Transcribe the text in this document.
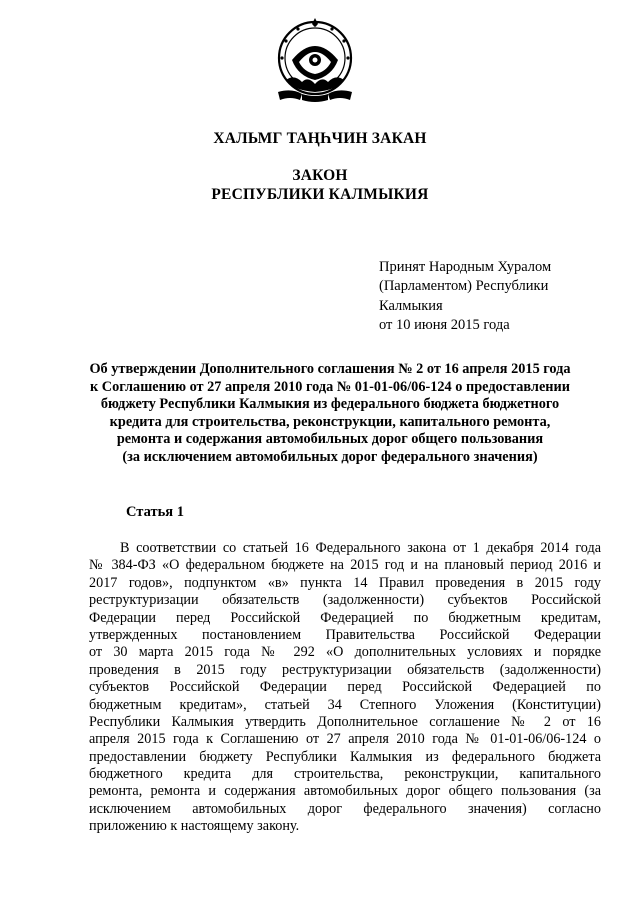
ХАЛЬМГ ТАҢҺЧИН ЗАКАН
ЗАКОН
РЕСПУБЛИКИ КАЛМЫКИЯ
Принят Народным Хуралом
(Парламентом) Республики
Калмыкия
от 10 июня 2015 года
Об утверждении Дополнительного соглашения № 2 от 16 апреля 2015 года
к Соглашению от 27 апреля 2010 года № 01-01-06/06-124 о предоставлении
бюджету Республики Калмыкия из федерального бюджета бюджетного
кредита для строительства, реконструкции, капитального ремонта,
ремонта и содержания автомобильных дорог общего пользования
(за исключением автомобильных дорог федерального значения)
Статья 1
В соответствии со статьей 16 Федерального закона от 1 декабря 2014 года
№ 384-ФЗ «О федеральном бюджете на 2015 год и на плановый период 2016 и
2017 годов», подпунктом «в» пункта 14 Правил проведения в 2015 году
реструктуризации обязательств (задолженности) субъектов Российской
Федерации перед Российской Федерацией по бюджетным кредитам,
утвержденных постановлением Правительства Российской Федерации
от 30 марта 2015 года № 292 «О дополнительных условиях и порядке
проведения в 2015 году реструктуризации обязательств (задолженности)
субъектов Российской Федерации перед Российской Федерацией по
бюджетным кредитам», статьей 34 Степного Уложения (Конституции)
Республики Калмыкия утвердить Дополнительное соглашение № 2 от 16
апреля 2015 года к Соглашению от 27 апреля 2010 года № 01-01-06/06-124 о
предоставлении бюджету Республики Калмыкия из федерального бюджета
бюджетного кредита для строительства, реконструкции, капитального
ремонта, ремонта и содержания автомобильных дорог общего пользования (за
исключением автомобильных дорог федерального значения) согласно
приложению к настоящему закону.
